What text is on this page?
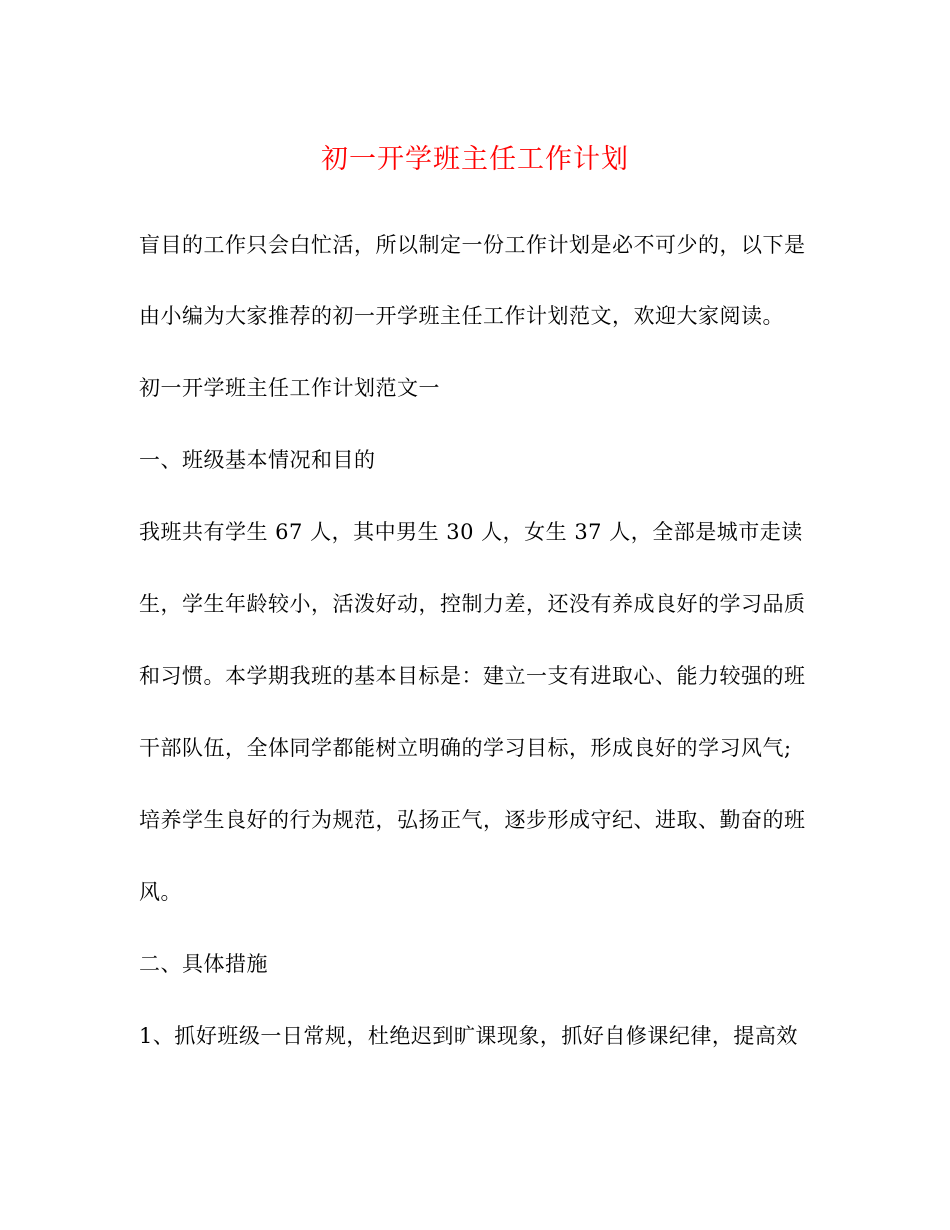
初一开学班主任工作计划
盲目的工作只会白忙活，所以制定一份工作计划是必不可少的，以下是
由小编为大家推荐的初一开学班主任工作计划范文，欢迎大家阅读。
初一开学班主任工作计划范文一
一、班级基本情况和目的
我班共有学生 67 人，其中男生 30 人，女生 37 人，全部是城市走读
生，学生年龄较小，活泼好动，控制力差，还没有养成良好的学习品质
和习惯。本学期我班的基本目标是：建立一支有进取心、能力较强的班
干部队伍，全体同学都能树立明确的学习目标，形成良好的学习风气;
培养学生良好的行为规范，弘扬正气，逐步形成守纪、进取、勤奋的班
风。
二、具体措施
1、抓好班级一日常规，杜绝迟到旷课现象，抓好自修课纪律，提高效
